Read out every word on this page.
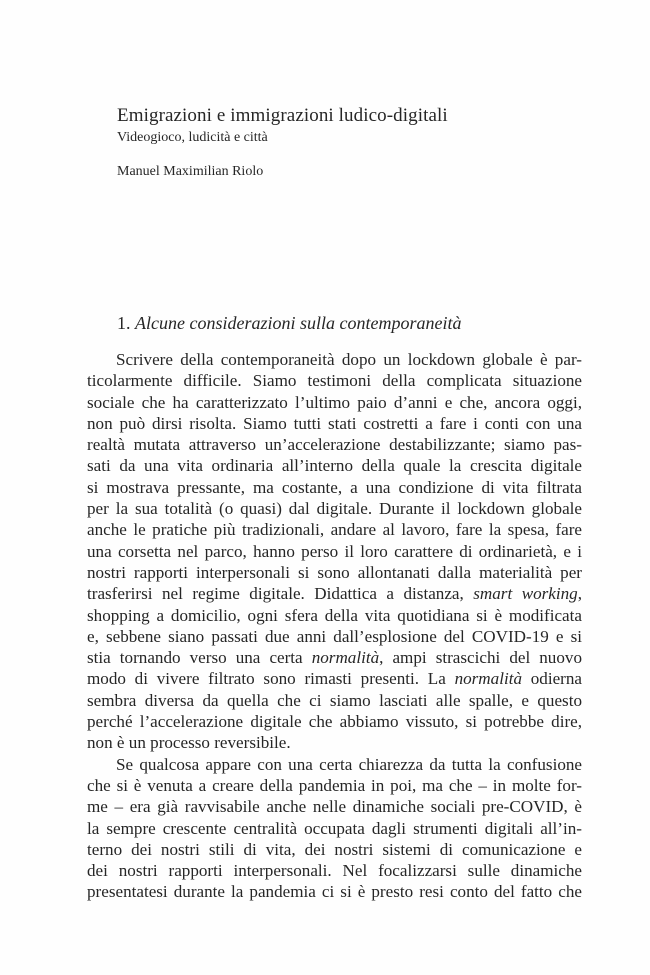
Emigrazioni e immigrazioni ludico-digitali

Videogioco, ludicità e città

Manuel Maximilian Riolo

1. Alcune considerazioni sulla contemporaneità
Scrivere della contemporaneità dopo un lockdown globale è par-
ticolarmente difficile. Siamo testimoni della complicata situazione
sociale che ha caratterizzato l’ultimo paio d’anni e che, ancora oggi,
non può dirsi risolta. Siamo tutti stati costretti a fare i conti con una
realtà mutata attraverso un’accelerazione destabilizzante; siamo pas-
sati da una vita ordinaria all’interno della quale la crescita digitale
si mostrava pressante, ma costante, a una condizione di vita filtrata
per la sua totalità (o quasi) dal digitale. Durante il lockdown globale
anche le pratiche più tradizionali, andare al lavoro, fare la spesa, fare
una corsetta nel parco, hanno perso il loro carattere di ordinarietà, e i
nostri rapporti interpersonali si sono allontanati dalla materialità per
trasferirsi nel regime digitale. Didattica a distanza, smart working,
shopping a domicilio, ogni sfera della vita quotidiana si è modificata
e, sebbene siano passati due anni dall’esplosione del COVID-19 e si
stia tornando verso una certa normalità, ampi strascichi del nuovo
modo di vivere filtrato sono rimasti presenti. La normalità odierna
sembra diversa da quella che ci siamo lasciati alle spalle, e questo
perché l’accelerazione digitale che abbiamo vissuto, si potrebbe dire,
non è un processo reversibile.
Se qualcosa appare con una certa chiarezza da tutta la confusione
che si è venuta a creare della pandemia in poi, ma che – in molte for-
me – era già ravvisabile anche nelle dinamiche sociali pre-COVID, è
la sempre crescente centralità occupata dagli strumenti digitali all’in-
terno dei nostri stili di vita, dei nostri sistemi di comunicazione e
dei nostri rapporti interpersonali. Nel focalizzarsi sulle dinamiche
presentatesi durante la pandemia ci si è presto resi conto del fatto che
